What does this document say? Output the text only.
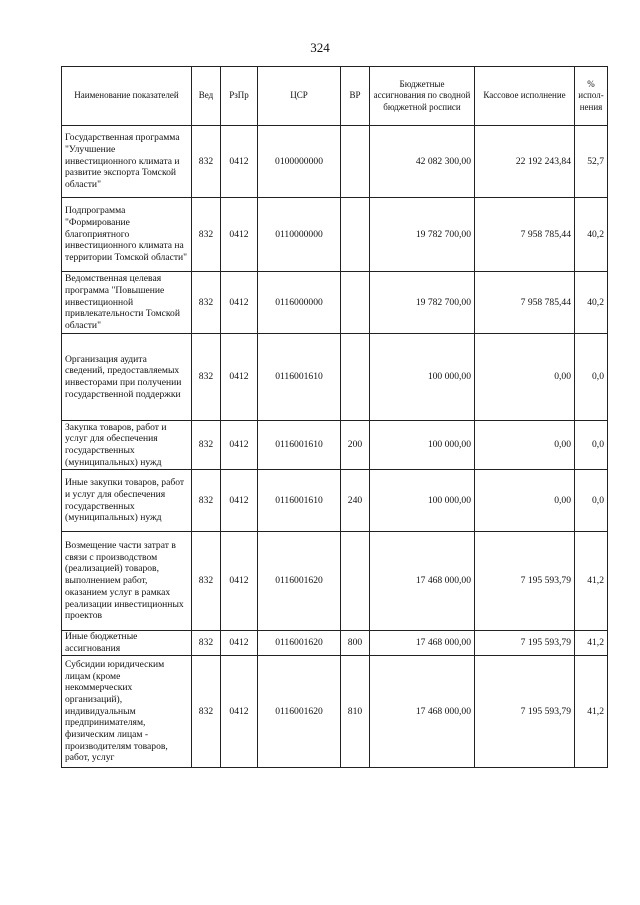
324
Наименование показателей	Вед	РзПр	ЦСР	ВР	Бюджетные ассигнования по сводной бюджетной росписи	Кассовое исполнение	% испол-нения
Государственная программа "Улучшение инвестиционного климата и развитие экспорта Томской области"	832	0412	0100000000		42 082 300,00	22 192 243,84	52,7
Подпрограмма "Формирование благоприятного инвестиционного климата на территории Томской области"	832	0412	0110000000		19 782 700,00	7 958 785,44	40,2
Ведомственная целевая программа "Повышение инвестиционной привлекательности Томской области"	832	0412	0116000000		19 782 700,00	7 958 785,44	40,2
Организация аудита сведений, предоставляемых инвесторами при получении государственной поддержки	832	0412	0116001610		100 000,00	0,00	0,0
Закупка товаров, работ и услуг для обеспечения государственных (муниципальных) нужд	832	0412	0116001610	200	100 000,00	0,00	0,0
Иные закупки товаров, работ и услуг для обеспечения государственных (муниципальных) нужд	832	0412	0116001610	240	100 000,00	0,00	0,0
Возмещение части затрат в связи с производством (реализацией) товаров, выполнением работ, оказанием услуг в рамках реализации инвестиционных проектов	832	0412	0116001620		17 468 000,00	7 195 593,79	41,2
Иные бюджетные ассигнования	832	0412	0116001620	800	17 468 000,00	7 195 593,79	41,2
Субсидии юридическим лицам (кроме некоммерческих организаций), индивидуальным предпринимателям, физическим лицам - производителям товаров, работ, услуг	832	0412	0116001620	810	17 468 000,00	7 195 593,79	41,2
